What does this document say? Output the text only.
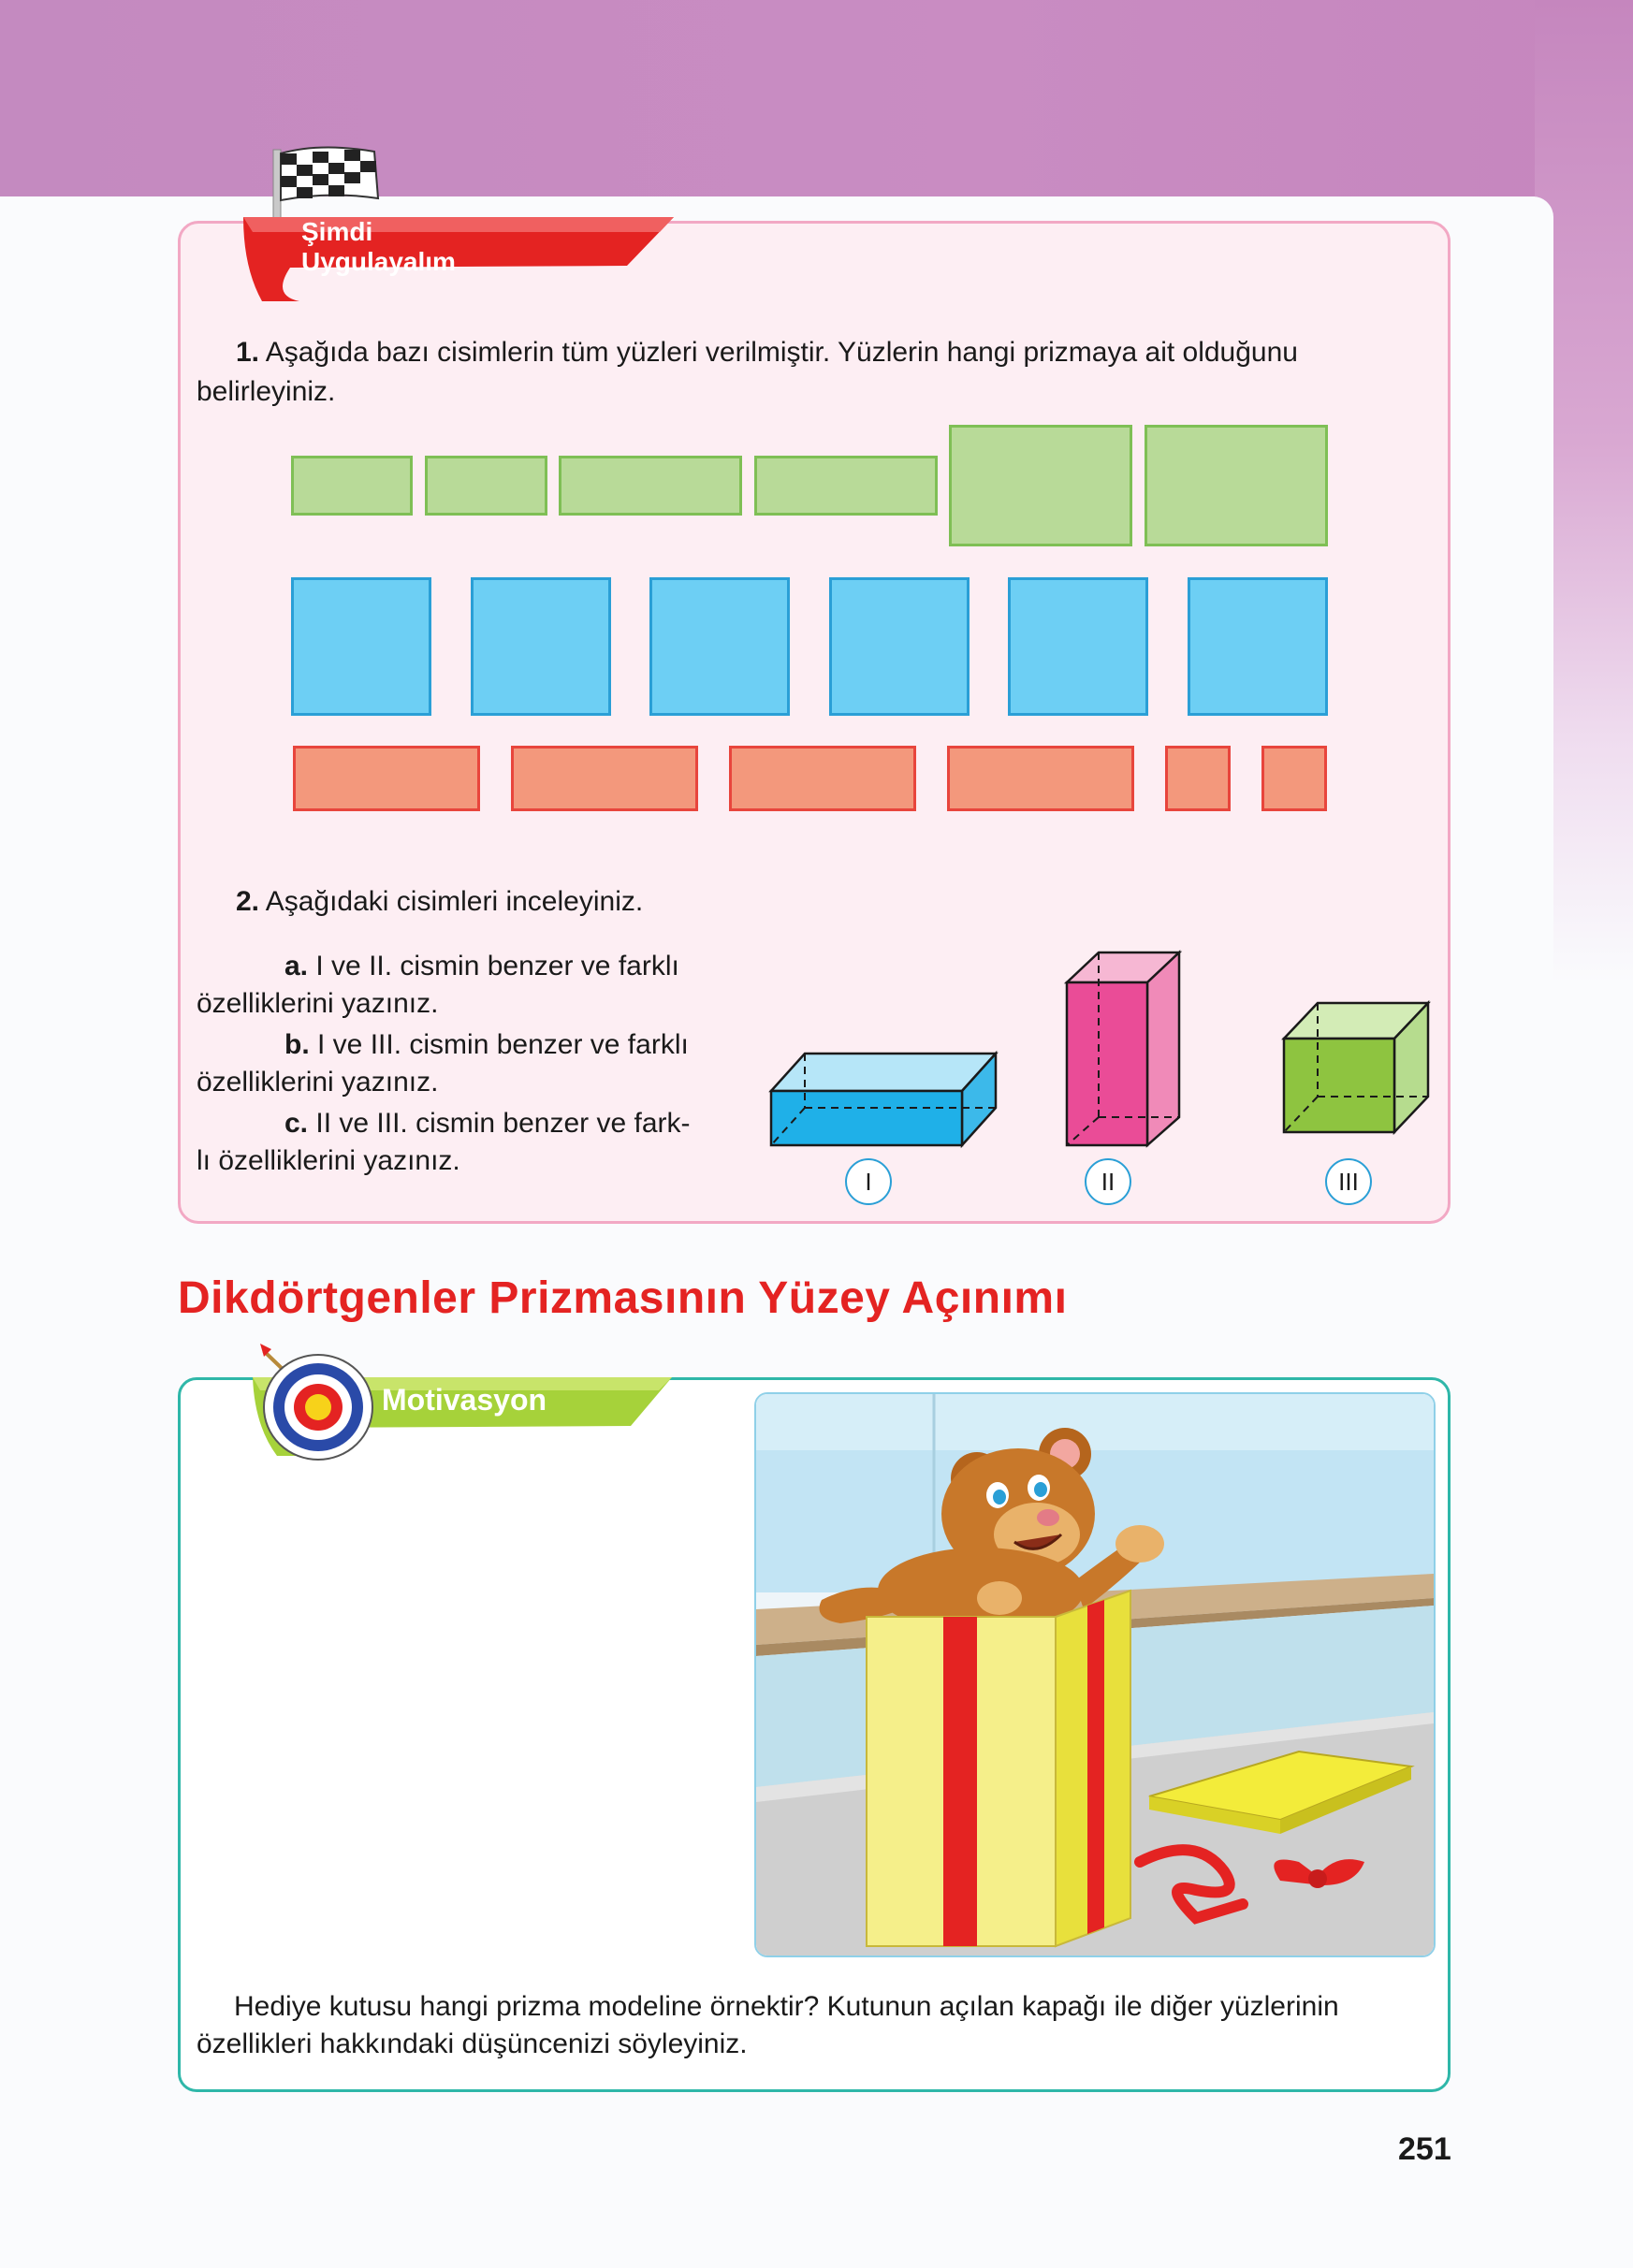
Şimdi
Uygulayalım
1. Aşağıda bazı cisimlerin tüm yüzleri verilmiştir. Yüzlerin hangi prizmaya ait olduğunu
belirleyiniz.
2. Aşağıdaki cisimleri inceleyiniz.
a. I ve II. cismin benzer ve farklı
özelliklerini yazınız.
b. I ve III. cismin benzer ve farklı
özelliklerini yazınız.
c. II ve III. cismin benzer ve fark-
lı özelliklerini yazınız.
I	II	III
Dikdörtgenler Prizmasının Yüzey Açınımı
Motivasyon
Hediye kutusu hangi prizma modeline örnektir? Kutunun açılan kapağı ile diğer yüzlerinin
özellikleri hakkındaki düşüncenizi söyleyiniz.
251
